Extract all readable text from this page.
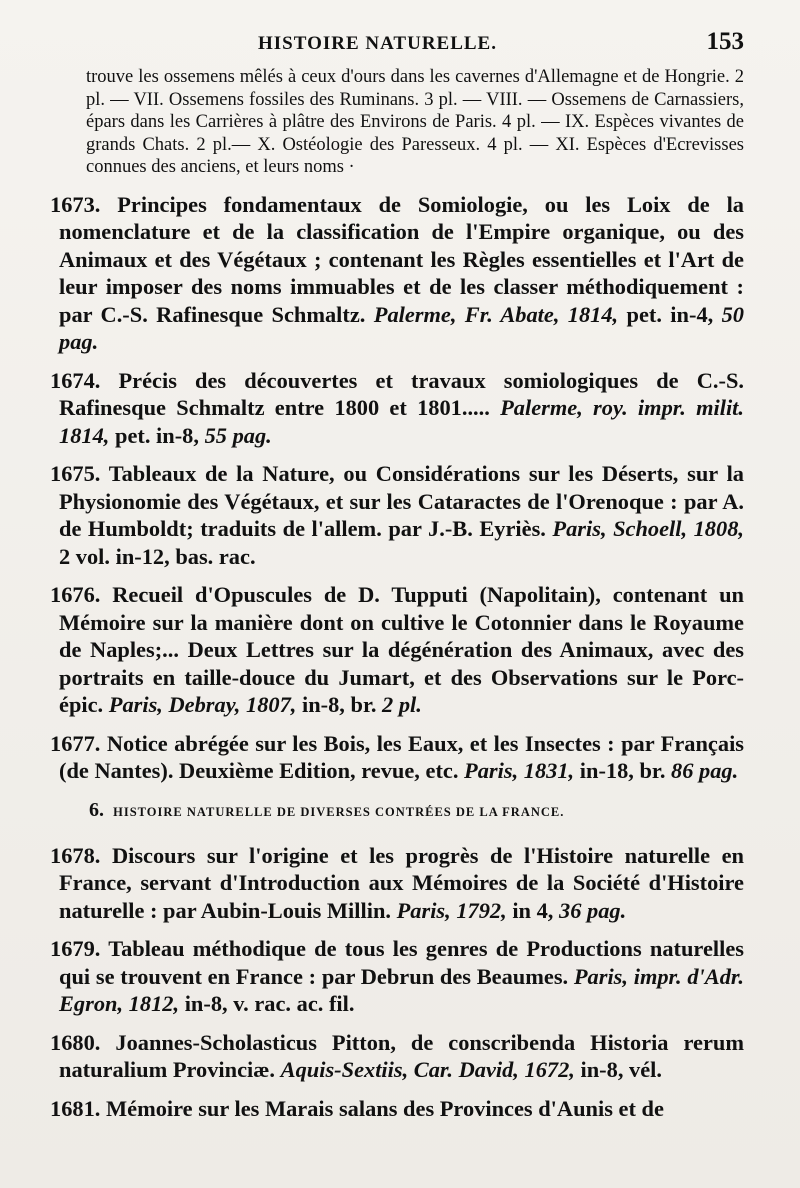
HISTOIRE NATURELLE.	153

trouve les ossemens mêlés à ceux d'ours dans les cavernes d'Allemagne et de Hongrie. 2 pl. — VII. Ossemens fossiles des Ruminans. 3 pl. — VIII. — Ossemens de Carnassiers, épars dans les Carrières à plâtre des Environs de Paris. 4 pl. — IX. Espèces vivantes de grands Chats. 2 pl.— X. Ostéologie des Paresseux. 4 pl. — XI. Espèces d'Ecrevisses connues des anciens, et leurs noms ·

1673. Principes fondamentaux de Somiologie, ou les Loix de la nomenclature et de la classification de l'Empire organique, ou des Animaux et des Végétaux ; contenant les Règles essentielles et l'Art de leur imposer des noms immuables et de les classer méthodiquement : par C.-S. Rafinesque Schmaltz. Palerme, Fr. Abate, 1814, pet. in-4, 50 pag.

1674. Précis des découvertes et travaux somiologiques de C.-S. Rafinesque Schmaltz entre 1800 et 1801..... Palerme, roy. impr. milit. 1814, pet. in-8, 55 pag.

1675. Tableaux de la Nature, ou Considérations sur les Déserts, sur la Physionomie des Végétaux, et sur les Cataractes de l'Orenoque : par A. de Humboldt; traduits de l'allem. par J.-B. Eyriès. Paris, Schoell, 1808, 2 vol. in-12, bas. rac.

1676. Recueil d'Opuscules de D. Tupputi (Napolitain), contenant un Mémoire sur la manière dont on cultive le Cotonnier dans le Royaume de Naples;... Deux Lettres sur la dégénération des Animaux, avec des portraits en taille-douce du Jumart, et des Observations sur le Porc-épic. Paris, Debray, 1807, in-8, br. 2 pl.

1677. Notice abrégée sur les Bois, les Eaux, et les Insectes : par Français (de Nantes). Deuxième Edition, revue, etc. Paris, 1831, in-18, br. 86 pag.

6. HISTOIRE NATURELLE DE DIVERSES CONTRÉES DE LA FRANCE.

1678. Discours sur l'origine et les progrès de l'Histoire naturelle en France, servant d'Introduction aux Mémoires de la Société d'Histoire naturelle : par Aubin-Louis Millin. Paris, 1792, in 4, 36 pag.

1679. Tableau méthodique de tous les genres de Productions naturelles qui se trouvent en France : par Debrun des Beaumes. Paris, impr. d'Adr. Egron, 1812, in-8, v. rac. ac. fil.

1680. Joannes-Scholasticus Pitton, de conscribenda Historia rerum naturalium Provinciæ. Aquis-Sextiis, Car. David, 1672, in-8, vél.

1681. Mémoire sur les Marais salans des Provinces d'Aunis et de
